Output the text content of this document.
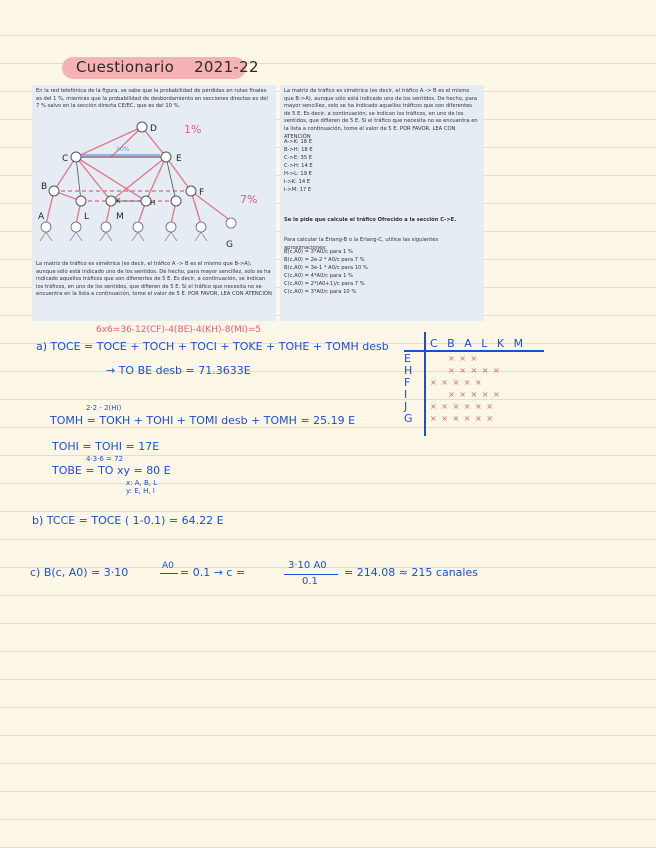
Cuestionario 2021-22
En la red telefónica de la figura, se sabe que la probabilidad de pérdidas en rutas finales es del 1 %, mientras que la probabilidad de desbordamiento en secciones directas es del 7 % salvo en la sección directa CE/EC, que es del 10 %.
D
C	E
B
F
A	L	M
G
K	H
1%
7%
10%
La matriz de tráfico es simétrica (es decir, el tráfico A -> B es el mismo que B->A), aunque sólo está indicado uno de los sentidos. De hecho, para mayor sencillez, solo se ha indicado aquellos tráficos que son diferentes de 5 E. Es decir, a continuación, se indican los tráficos, en uno de los sentidos, que difieren de 5 E. Si el tráfico que necesita no se encuentra en la lista a continuación, tome el valor de 5 E. POR FAVOR, LEA CON ATENCIÓN
La matriz de tráfico es simétrica (es decir, el tráfico A -> B es el mismo que B->A), aunque sólo está indicado uno de los sentidos. De hecho, para mayor sencillez, solo se ha indicado aquellos tráficos que son diferentes de 5 E. Es decir, a continuación, se indican los tráficos, en uno de los sentidos, que difieren de 5 E. Si el tráfico que necesita no se encuentra en la lista a continuación, tome el valor de 5 E. POR FAVOR, LEA CON ATENCIÓN
A->K: 18 E
B->H: 18 E
C->E: 35 E
C->H: 14 E
H->L: 19 E
I->K: 14 E
I->M: 17 E
Se le pide que calcule el tráfico Ofrecido a la sección C->E.
Para calcular la Erlang-B o la Erlang-C, utilice las siguientes aproximaciones:
B(c,A0) = 3*A0/c para 1 %
B(c,A0) = 2e-2 * A0/c para 7 %
B(c,A0) = 3e-1 * A0/c para 10 %
C(c,A0) = 4*A0/c para 1 %
C(c,A0) = 2*(A0+1)/c para 7 %
C(c,A0) = 3*A0/c para 10 %
6x6=36-12(CF)-4(BE)-4(KH)-8(MI)=5
a) TOCE = TOCE + TOCH + TOCI + TOKE + TOHE + TOMH desb
→ TO BE desb = 71.3633E
2·2 - 2(HI)
TOMH = TOKH + TOHI + TOMI desb + TOMH = 25.19 E
TOHI = TOHI = 17E
4·3·6 = 72
TOBE = TO xy = 80 E
x: A, B, L
y: E, H, I
b) TCCE = TOCE ( 1-0.1) = 64.22 E
c) B(c, A0) = 3·10	A0 = 0.1 → c =
3·10 A0
0.1
= 214.08 ≈ 215 canales
C B A L K M
E	× × ×
H	× × × × ×
F × × × × ×
I	× × × × ×
J	× × × × × ×
G × × × × × ×
